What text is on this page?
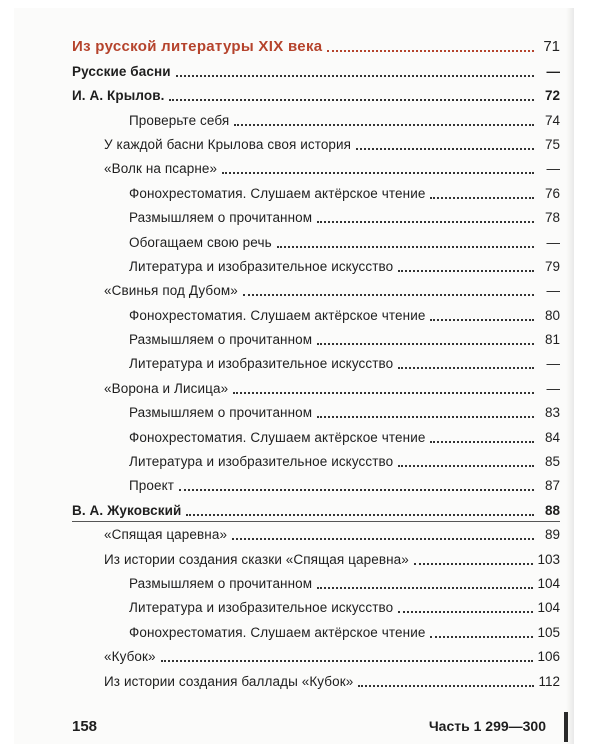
Из русской литературы XIX века	71
Русские басни	—
И. А. Крылов.	72
Проверьте себя	74
У каждой басни Крылова своя история	75
«Волк на псарне»	—
Фонохрестоматия. Слушаем актёрское чтение	76
Размышляем о прочитанном	78
Обогащаем свою речь	—
Литература и изобразительное искусство	79
«Свинья под Дубом»	—
Фонохрестоматия. Слушаем актёрское чтение	80
Размышляем о прочитанном	81
Литература и изобразительное искусство	—
«Ворона и Лисица»	—
Размышляем о прочитанном	83
Фонохрестоматия. Слушаем актёрское чтение	84
Литература и изобразительное искусство	85
Проект	87
В. А. Жуковский	88
«Спящая царевна»	89
Из истории создания сказки «Спящая царевна»	103
Размышляем о прочитанном	104
Литература и изобразительное искусство	104
Фонохрестоматия. Слушаем актёрское чтение	105
«Кубок»	106
Из истории создания баллады «Кубок»	112
158	Часть 1 299—300
